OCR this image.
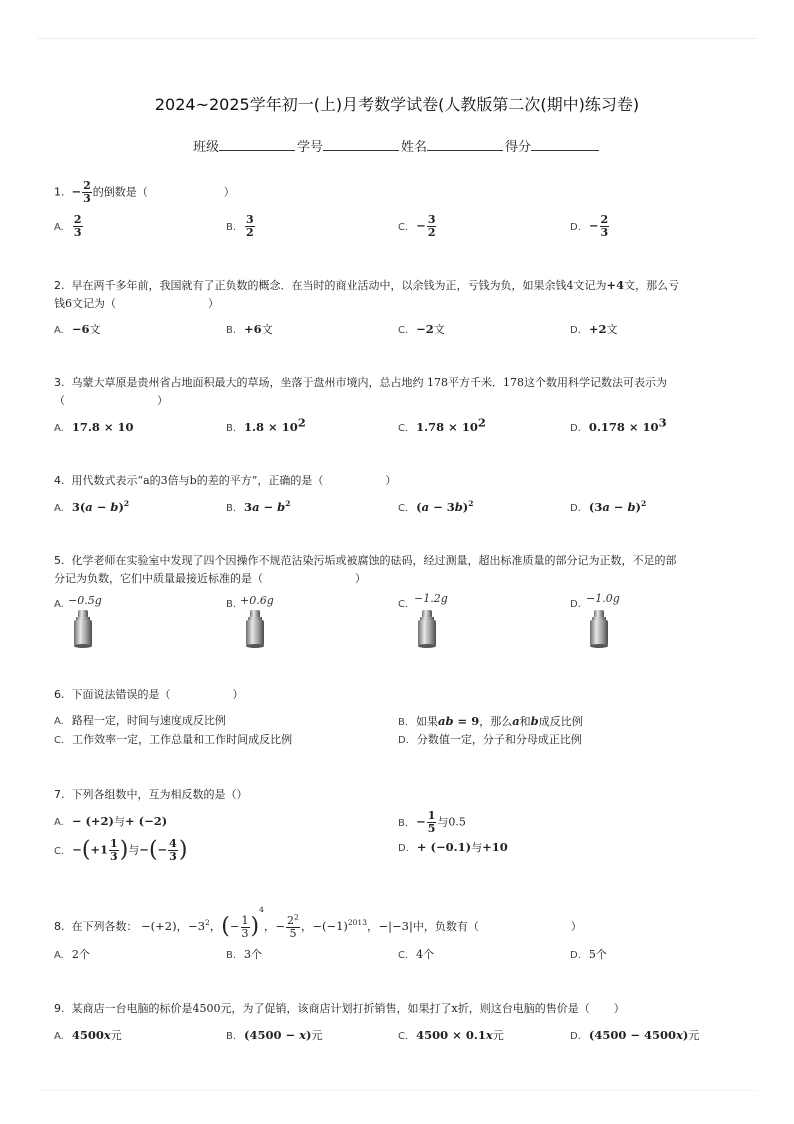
2024~2025学年初一(上)月考数学试卷(人教版第二次(期中)练习卷)
班级	学号	姓名	得分
1. − $\frac{2}{3}$ 的倒数是（	）
A. $\frac{2}{3}$	B. $\frac{3}{2}$	C. − $\frac{3}{2}$	D. − $\frac{2}{3}$
2. 早在两千多年前，我国就有了正负数的概念．在当时的商业活动中，以余钱为正，亏钱为负，如果余钱4文记为+4文，那么亏
钱6文记为（	）
A. −6文	B. +6文	C. −2文	D. +2文
3. 乌蒙大草原是贵州省占地面积最大的草场，坐落于盘州市境内，总占地约 178平方千米．178这个数用科学记数法可表示为
（	）
A. 17.8 × 10	B. $1.8 \times 10^2$	C. $1.78 \times 10^2$	D. $0.178 \times 10^3$
4. 用代数式表示“a的3倍与b的差的平方”，正确的是（	）
A. $3(a - b)^2$	B. $3a - b^2$	C. $(a - 3b)^2$	D. $(3a - b)^2$
5. 化学老师在实验室中发现了四个因操作不规范沾染污垢或被腐蚀的砝码，经过测量，超出标准质量的部分记为正数，不足的部
分记为负数，它们中质量最接近标准的是（	）
A. −0.5g	B. +0.6g	C. −1.2g	D. −1.0g
6. 下面说法错误的是（	）
A. 路程一定，时间与速度成反比例	B. 如果ab = 9，那么a和b成反比例
C. 工作效率一定，工作总量和工作时间成反比例	D. 分数值一定，分子和分母成正比例
7. 下列各组数中，互为相反数的是（）
A. − (+2)与+ (−2)	B. − $\frac{1}{5}$ 与0.5
C. $-(+1 \frac{1}{3}$ )与−(− $\frac{4}{3}$ )	D. + (−0.1)与+10
8. 在下列各数： −(+2)，$-3^2$，(− $\frac{1}{3} )^4$，− $\frac{2^2}{5}$ ，$-(-1)^{2013}$，−|−3|中，负数有（	）
A. 2个	B. 3个	C. 4个	D. 5个
9. 某商店一台电脑的标价是4500元，为了促销，该商店计划打折销售，如果打了x折，则这台电脑的售价是（ ）
A. 4500x元	B. (4500 − x)元	C. 4500 × 0.1x元	D. (4500 − 4500x)元
